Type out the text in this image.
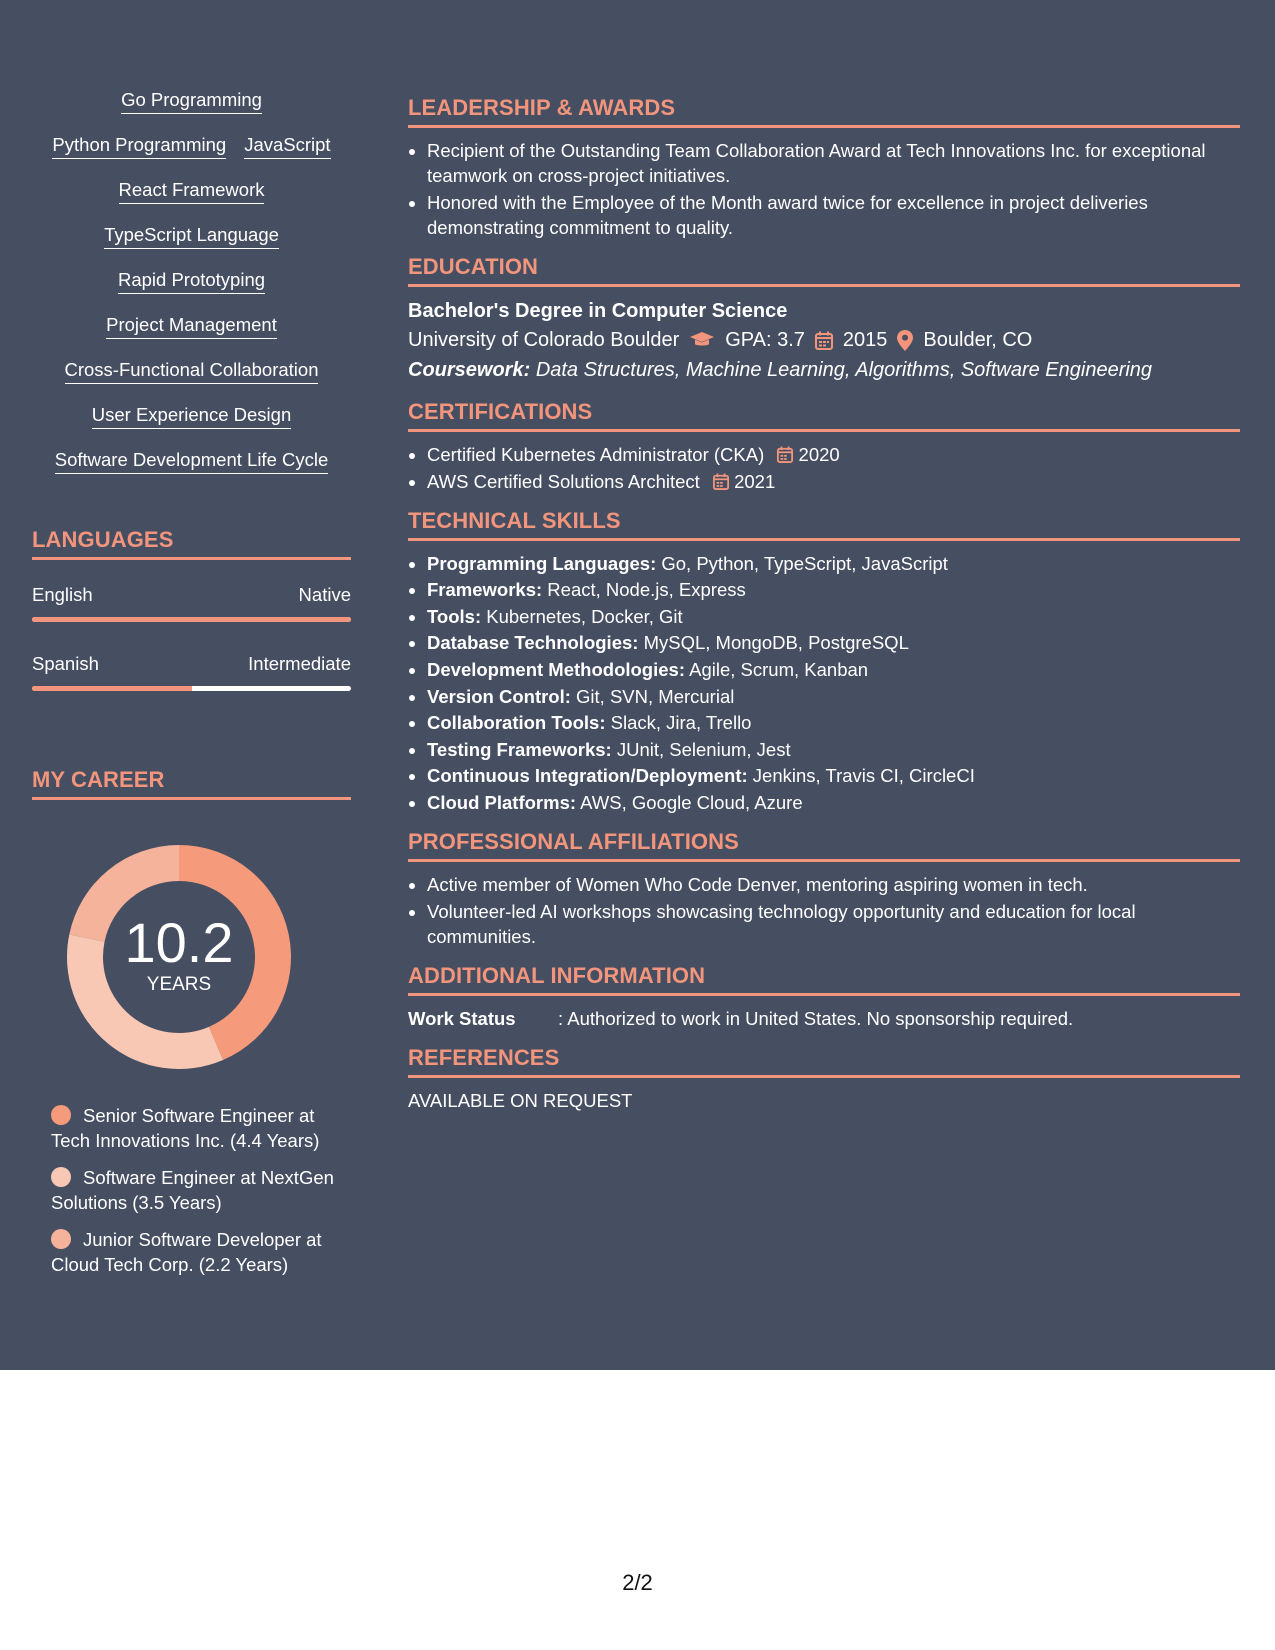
Go Programming
Python Programming JavaScript
React Framework
TypeScript Language
Rapid Prototyping
Project Management
Cross-Functional Collaboration
User Experience Design
Software Development Life Cycle
LANGUAGES
English	Native
Spanish	Intermediate
MY CAREER
10.2
YEARS
Senior Software Engineer at Tech Innovations Inc. (4.4 Years)
Software Engineer at NextGen Solutions (3.5 Years)
Junior Software Developer at Cloud Tech Corp. (2.2 Years)
LEADERSHIP & AWARDS
• Recipient of the Outstanding Team Collaboration Award at Tech Innovations Inc. for exceptional teamwork on cross-project initiatives.
• Honored with the Employee of the Month award twice for excellence in project deliveries demonstrating commitment to quality.
EDUCATION
Bachelor's Degree in Computer Science
University of Colorado Boulder GPA: 3.7 2015 Boulder, CO
Coursework: Data Structures, Machine Learning, Algorithms, Software Engineering
CERTIFICATIONS
• Certified Kubernetes Administrator (CKA) 2020
• AWS Certified Solutions Architect 2021
TECHNICAL SKILLS
• Programming Languages: Go, Python, TypeScript, JavaScript
• Frameworks: React, Node.js, Express
• Tools: Kubernetes, Docker, Git
• Database Technologies: MySQL, MongoDB, PostgreSQL
• Development Methodologies: Agile, Scrum, Kanban
• Version Control: Git, SVN, Mercurial
• Collaboration Tools: Slack, Jira, Trello
• Testing Frameworks: JUnit, Selenium, Jest
• Continuous Integration/Deployment: Jenkins, Travis CI, CircleCI
• Cloud Platforms: AWS, Google Cloud, Azure
PROFESSIONAL AFFILIATIONS
• Active member of Women Who Code Denver, mentoring aspiring women in tech.
• Volunteer-led AI workshops showcasing technology opportunity and education for local communities.
ADDITIONAL INFORMATION
Work Status	: Authorized to work in United States. No sponsorship required.
REFERENCES
AVAILABLE ON REQUEST
2/2
